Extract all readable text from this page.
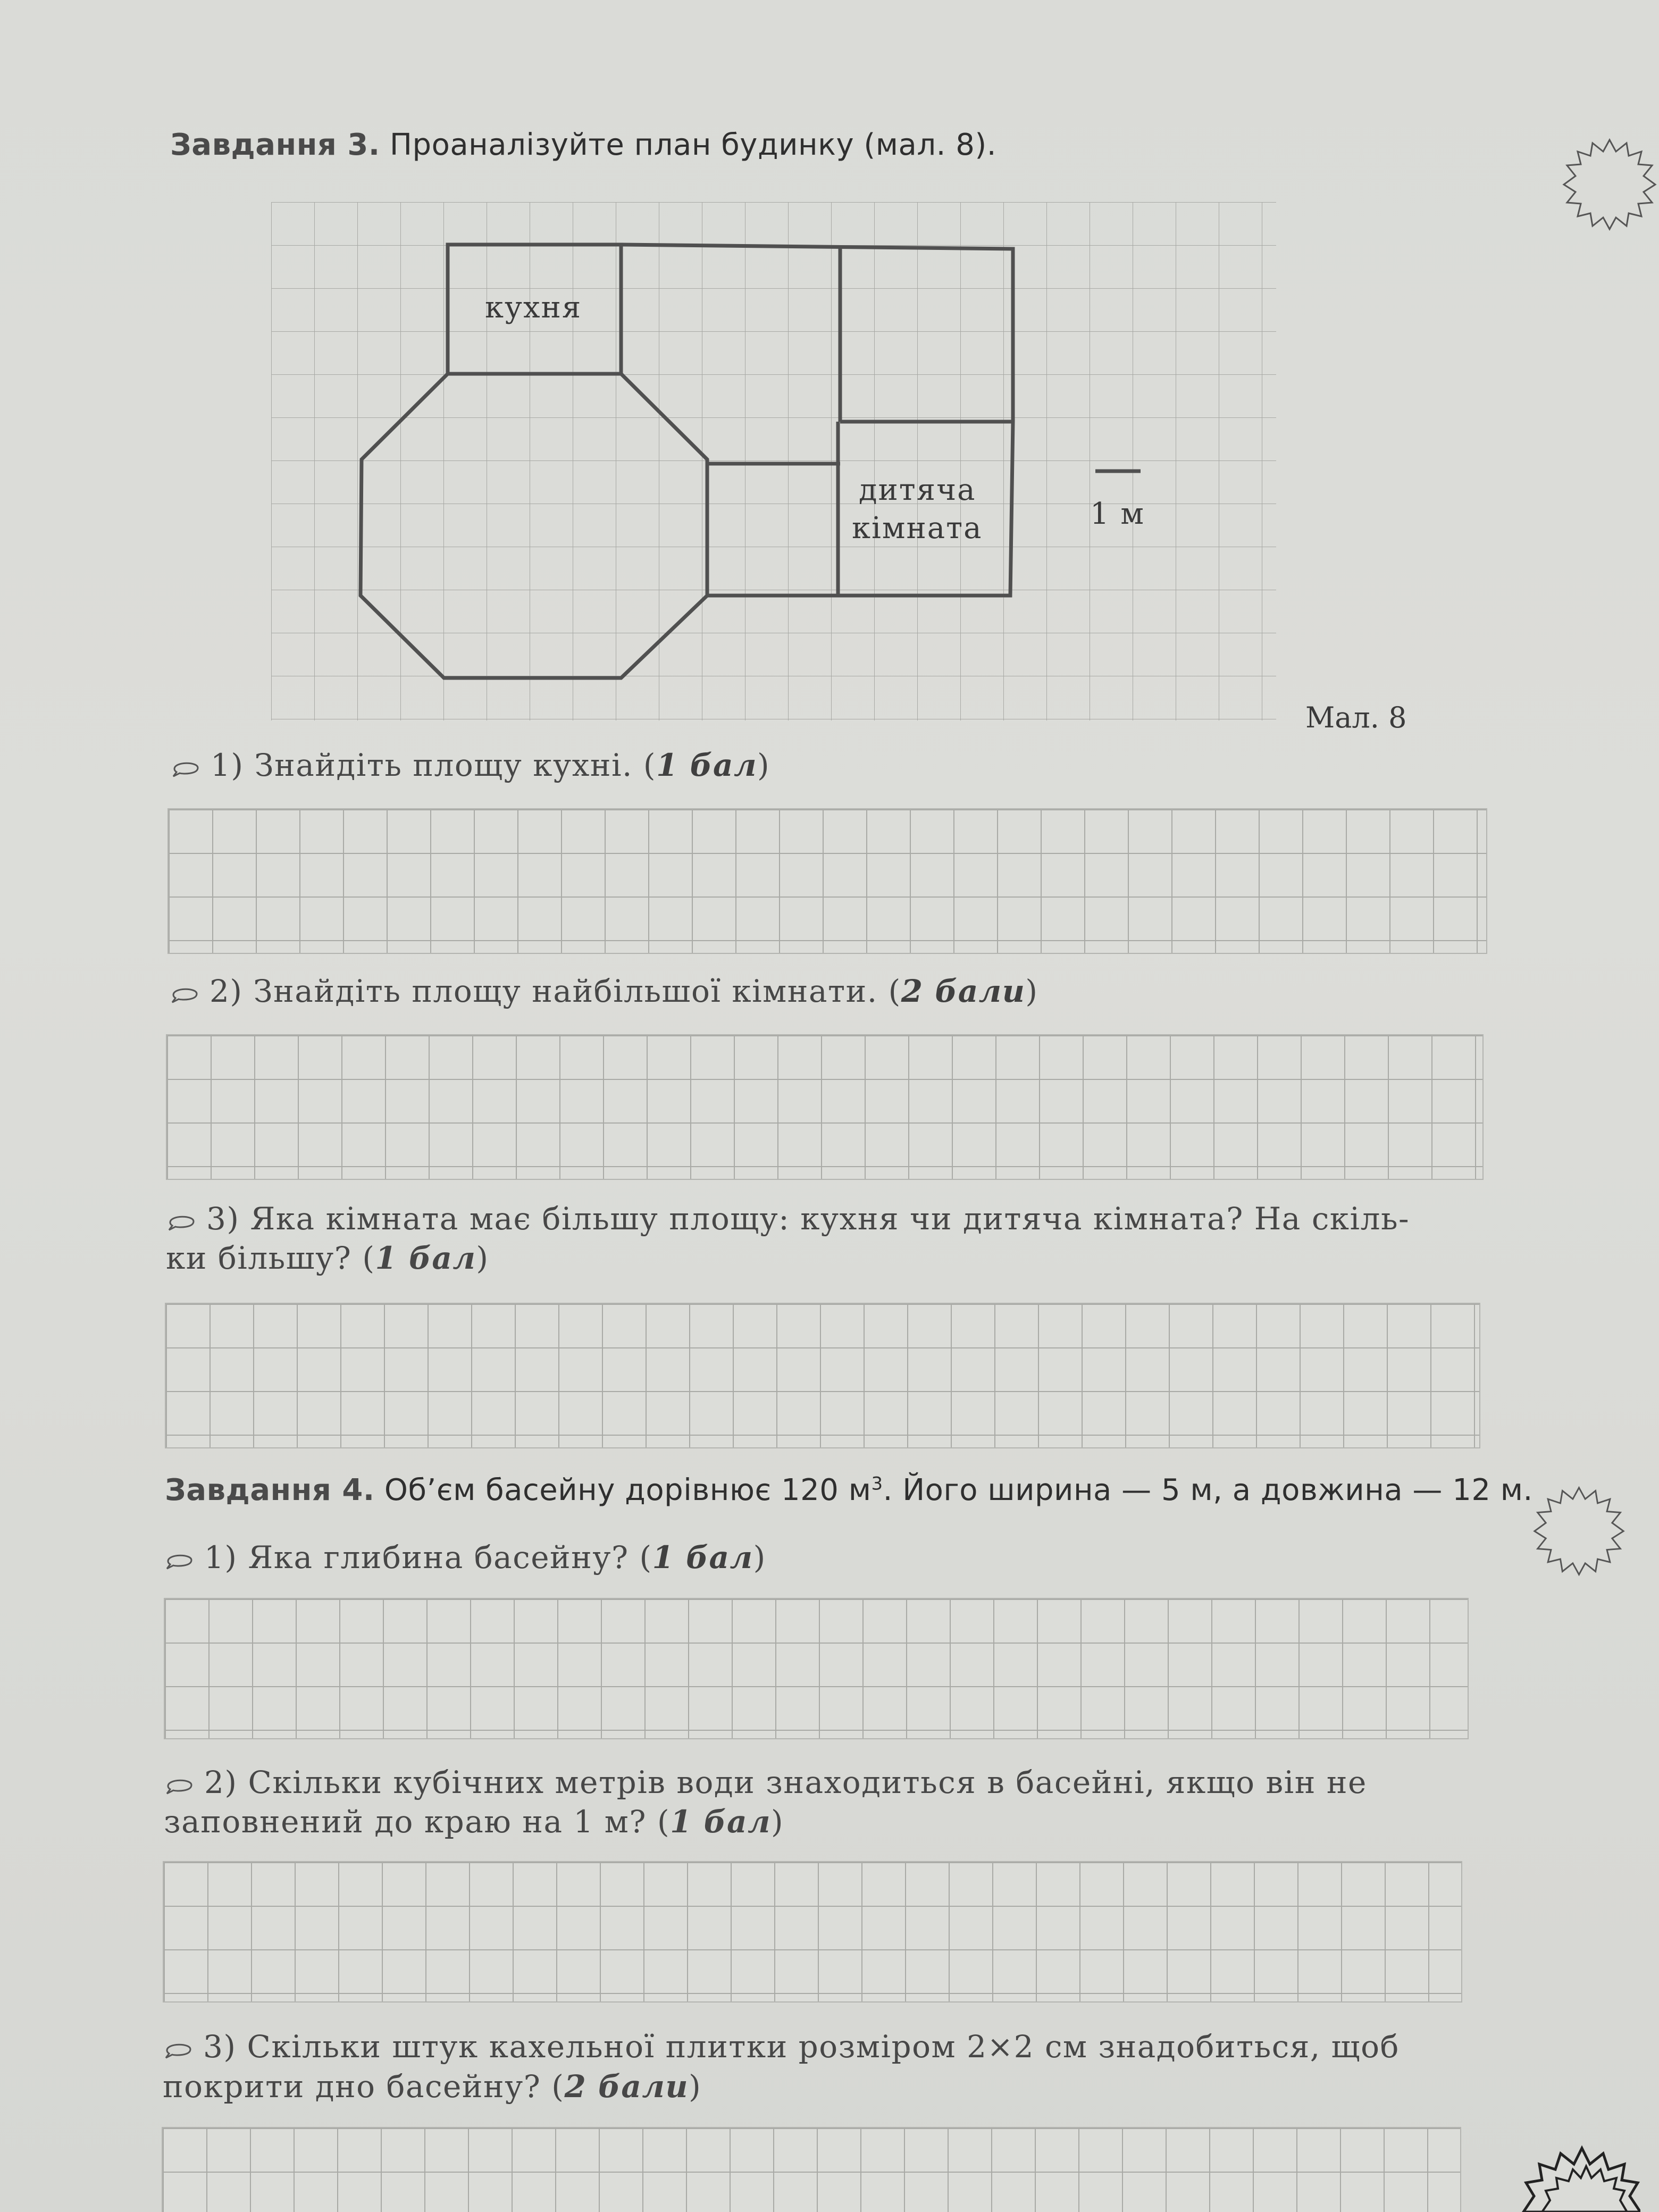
Завдання 3. Проаналізуйте план будинку (мал. 8).
кухня
дитяча
кімната	1 м
Мал. 8
1) Знайдіть площу кухні. (1 бал)
2) Знайдіть площу найбільшої кімнати. (2 бали)
3) Яка кімната має більшу площу: кухня чи дитяча кімната? На скіль-
ки більшу? (1 бал)
Завдання 4. Об’єм басейну дорівнює 120 $м^3$. Його ширина — 5 м, а довжина — 12 м.
1) Яка глибина басейну? (1 бал)
2) Скільки кубічних метрів води знаходиться в басейні, якщо він не
заповнений до краю на 1 м? (1 бал)
3) Скільки штук кахельної плитки розміром 2×2 см знадобиться, щоб
покрити дно басейну? (2 бали)
